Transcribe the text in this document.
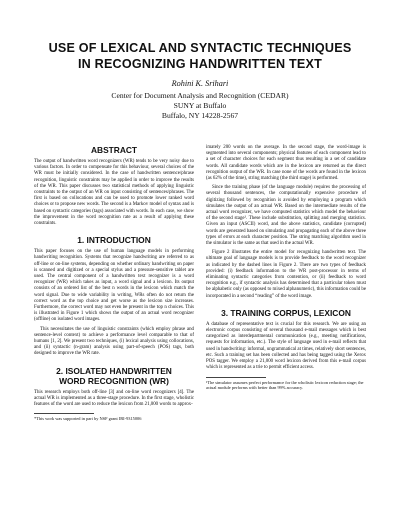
USE OF LEXICAL AND SYNTACTIC TECHNIQUES
IN RECOGNIZING HANDWRITTEN TEXT
Rohini K. Srihari
Center for Document Analysis and Recognition (CEDAR)
SUNY at Buffalo
Buffalo, NY 14228-2567
ABSTRACT

The output of handwritten word recognizers (WR) tends to be very noisy due to various factors. In order to compensate for this behaviour, several choices of the WR must be initially considered. In the case of handwritten sentence/phrase recognition, linguistic constraints may be applied in order to improve the results of the WR. This paper discusses two statistical methods of applying linguistic constraints to the output of an WR on input consisting of sentences/phrases. The first is based on collocations and can be used to promote lower ranked word choices or to propose new words. The second is a Markov model of syntax and is based on syntactic categories (tags) associated with words. In each case, we show the improvement in the word recognition rate as a result of applying these constraints.

1. INTRODUCTION

This paper focuses on the use of human language models in performing handwriting recognition. Systems that recognize handwriting are referred to as off-line or on-line systems, depending on whether ordinary handwriting on paper is scanned and digitized or a special stylus and a pressure-sensitive tablet are used. The central component of a handwritten text recognizer is a word recognizer (WR) which takes as input, a word signal and a lexicon. Its output consists of an ordered list of the best n words in the lexicon which match the word signal. Due to wide variability in writing, WRs often do not return the correct word as the top choice and get worse as the lexicon size increases. Furthermore, the correct word may not even be present in the top n choices. This is illustrated in Figure 1 which shows the output of an actual word recognizer (offline) on isolated word images.

This necessitates the use of linguistic constraints (which employ phrase and sentence-level context) to achieve a performance level comparable to that of humans [1, 2]. We present two techniques, (i) lexical analysis using collocations, and (ii) syntactic (n-gram) analysis using part-of-speech (POS) tags, both designed to improve the WR rate.

2. ISOLATED HANDWRITTEN
WORD RECOGNITION (WR)

This research employs both off-line [3] and on-line word recognizers [4]. The actual WR is implemented as a three-stage procedure. In the first stage, wholistic features of the word are used to reduce the lexicon from 21,000 words to approx-

*This work was supported in part by NSF grant IRI-9315006

imately 200 words on the average. In the second stage, the word-image is segmented into several components; physical features of each component lead to a set of character choices for each segment thus resulting in a set of candidate words. All candidate words which are in the lexicon are returned as the direct recognition output of the WR. In case none of the words are found in the lexicon (as 62% of the time), string matching (the third stage) is performed.

Since the training phase (of the language module) requires the processing of several thousand sentences, the computationally expensive procedure of digitizing followed by recognition is avoided by employing a program which simulates the output of an actual WR. Based on the intermediate results of the actual word recognizer, we have computed statistics which model the behaviour of the second stage¹. These include substitution, splitting and merging statistics. Given an input (ASCII) word, and the above statistics, candidate (corrupted) words are generated based on simulating and propagating each of the above three types of errors at each character position. The string matching algorithm used in the simulator is the same as that used in the actual WR.

Figure 2 illustrates the entire model for recognizing handwritten text. The ultimate goal of language models is to provide feedback to the word recognizer as indicated by the dashed lines in Figure 2. There are two types of feedback provided: (i) feedback information to the WR post-processor in terms of eliminating syntactic categories from contention, or (ii) feedback to word recognition e.g., if syntactic analysis has determined that a particular token must be alphabetic only (as opposed to mixed alphanumeric), this information could be incorporated in a second “reading” of the word image.

3. TRAINING CORPUS, LEXICON

A database of representative text is crucial for this research. We are using an electronic corpus consisting of several thousand e-mail messages which is best categorized as interdepartmental communication (e.g., meeting notifications, requests for information, etc.). The style of language used in e-mail reflects that used in handwriting: informal, ungrammatical at times, relatively short sentences, etc. Such a training set has been collected and has being tagged using the Xerox POS tagger. We employ a 21,000 word lexicon derived from this e-mail corpus which is represented as a trie to permit efficient access.

¹The simulator assumes perfect performance for the wholistic lexicon reduction stage; the actual module performs with better than 99% accuracy.
